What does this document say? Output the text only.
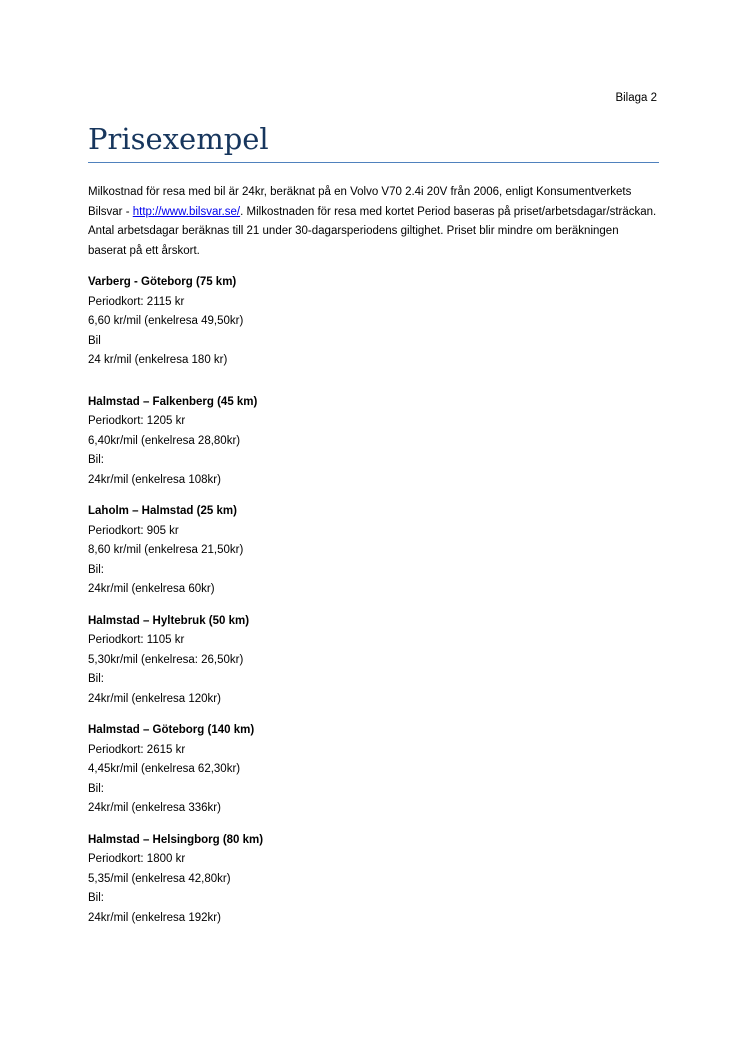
Bilaga 2
Prisexempel

Milkostnad för resa med bil är 24kr, beräknat på en Volvo V70 2.4i 20V från 2006, enligt Konsumentverkets Bilsvar - http://www.bilsvar.se/. Milkostnaden för resa med kortet Period baseras på priset/arbetsdagar/sträckan. Antal arbetsdagar beräknas till 21 under 30-dagarsperiodens giltighet. Priset blir mindre om beräkningen baserat på ett årskort.

Varberg - Göteborg (75 km)
Periodkort: 2115 kr
6,60 kr/mil (enkelresa 49,50kr)
Bil
24 kr/mil (enkelresa 180 kr)
Halmstad – Falkenberg (45 km)
Periodkort: 1205 kr
6,40kr/mil (enkelresa 28,80kr)
Bil:
24kr/mil (enkelresa 108kr)
Laholm – Halmstad (25 km)
Periodkort: 905 kr
8,60 kr/mil (enkelresa 21,50kr)
Bil:
24kr/mil (enkelresa 60kr)
Halmstad – Hyltebruk (50 km)
Periodkort: 1105 kr
5,30kr/mil (enkelresa: 26,50kr)
Bil:
24kr/mil (enkelresa 120kr)
Halmstad – Göteborg (140 km)
Periodkort: 2615 kr
4,45kr/mil (enkelresa 62,30kr)
Bil:
24kr/mil (enkelresa 336kr)
Halmstad – Helsingborg (80 km)
Periodkort: 1800 kr
5,35/mil (enkelresa 42,80kr)
Bil:
24kr/mil (enkelresa 192kr)
